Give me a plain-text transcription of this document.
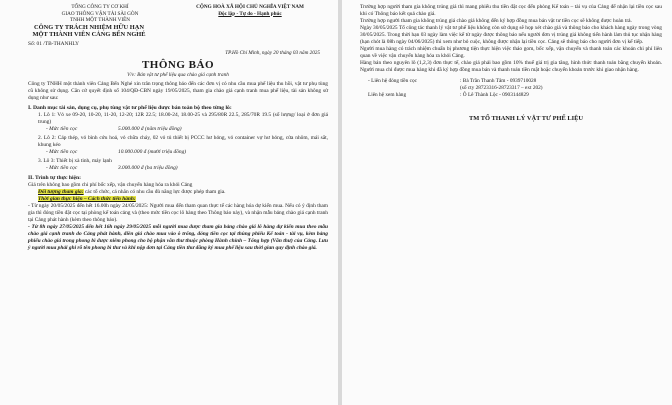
TỔNG CÔNG TY CƠ KHÍ
GIAO THÔNG VẬN TẢI SÀI GÒN
TNHH MỘT THÀNH VIÊN
CỘNG HOÀ XÃ HỘI CHỦ NGHĨA VIỆT NAM
Độc lập - Tự do - Hạnh phúc
CÔNG TY TRÁCH NHIỆM HỮU HẠN
MỘT THÀNH VIÊN CẢNG BẾN NGHÉ
Số: 01 /TB-THANHLY
TP.Hồ Chí Minh, ngày 20 tháng 03 năm 2025
THÔNG BÁO
V/v: Bán vật tư phế liệu qua chào giá cạnh tranh
Công ty TNHH một thành viên Cảng Bến Nghé xin trân trọng thông báo đến các đơn vị có nhu cầu mua phế liệu thu hồi, vật tư phụ tùng cũ không sử dụng. Căn cứ quyết định số 104/QĐ-CBN ngày 19/05/2025, tham gia chào giá cạnh tranh mua phế liệu, tài sản không sử dụng như sau:
I. Danh mục tài sản, dụng cụ, phụ tùng vật tư phế liệu được bán toàn bộ theo từng lô:
1. Lô 1: Vỏ xe 09-20, 10-20, 11-20, 12-20; 12R 22.5; 18.00-24, 18.00-25 và 295/80R 22.5, 285/70R 19.5 (số lượng/ loại ở đơn giá trung)
- Mức tiền cọc	5.000.000 đ (năm triệu đồng)
2. Lô 2: Cáp thép, vỏ bình cứu hoả, vỏ chữa cháy, 02 vỏ tủ thiết bị PCCC hư hỏng, vỏ container vợ hư hỏng, cửa nhôm, mái sắt, khung kéo
- Mức tiền cọc	10.000.000 đ (mười triệu đồng)
3. Lô 3: Thiết bị xà tinh, máy lạnh
- Mức tiền cọc	3.000.000 đ (ba triệu đồng)
II. Trình tự thực hiện:
Giá trên không bao gồm chi phí bốc xếp, vận chuyển hàng hóa ra khỏi Cảng
Đối tượng tham gia: các tổ chức, cá nhân có nhu cầu đủ năng lực được phép tham gia.
Thời gian thực hiện – Cách thức tiến hành:
- Từ ngày 20/05/2025 đến hết 16.00h ngày 24/05/2025: Người mua đến tham quan thực tế các hàng hóa dự kiến mua. Nếu có ý định tham gia thì đóng tiền đặt cọc tại phòng kế toán cảng và (theo mức tiền cọc lô hàng theo Thông báo này), và nhận mẫu bảng chào giá cạnh tranh tại Cảng phát hành (kèm theo thông báo).
- Từ 8h ngày 27/05/2025 đến hết 16h ngày 29/05/2025 mỗi người mua được tham gia bảng chào giá lô hàng dự kiến mua theo mẫu chào giá cạnh tranh do Cảng phát hành, điền giá chào mua vào ô trống, đóng tiền cọc tại thùng phiếu Kế toán - tài vụ, kèm bảng phiếu chào giá trong phong bì được niêm phong cho bộ phận văn thư thuộc phòng Hành chính – Tổng hợp (Văn thư) của Cảng. Lưu ý người mua phải ghi rõ tên phong bì thư và khi nộp đơn tại Cảng tiền thư đăng ký mua phế liệu sau thời gian quy định chào giá.
Trường hợp người tham gia không trúng giá thì mang phiếu thu tiền đặt cọc đến phòng Kế toán – tài vụ của Cảng để nhận lại tiền cọc sau khi có Thông báo kết quả chào giá.
Trường hợp người tham gia không trúng giá chào giá không đến ký hợp đồng mua bán vật tư tiền cọc sẽ không được hoàn trả.
Ngày 30/05/2025 Tổ công tác thanh lý vật tư phế liệu không còn sử dụng sẽ họp xét chào giá và thông báo cho khách hàng ngày trong vòng 30/05/2025. Trong thời hạn 03 ngày làm việc kể từ ngày được thông báo nếu người đơn vị trúng giá không tiến hành làm thủ tục nhận hàng (hạn chót là 08h ngày 04/06/2025) thì xem như bỏ cuộc, không được nhận lại tiền cọc. Cảng sẽ thông báo cho người đơn vị kế tiếp.
Người mua hàng có trách nhiệm chuẩn bị phương tiện thực hiện việc tháo gom, bốc xếp, vận chuyển và thanh toán các khoản chi phí liên quan về việc vận chuyển hàng hóa ra khỏi Cảng.
Hàng bán theo nguyên lô (1,2,3) đơn thực tế, chào giá phải bao gồm 10% thuế giá trị gia tăng, hình thức thanh toán bằng chuyển khoản. Người mua chỉ được mua hàng khi đã ký hợp đồng mua bán và thanh toán tiền mặt hoặc chuyển khoản trước khi giao nhận hàng.
- Liên hệ đóng tiền cọc	: Bà Trần Thanh Tâm - 0939710028
(số cty 28723316-28723317 – ext 202)
Liên hệ xem hàng	: Ô Lê Thành Lộc - 0903144829
TM TỔ THANH LÝ VẬT TƯ PHẾ LIỆU
